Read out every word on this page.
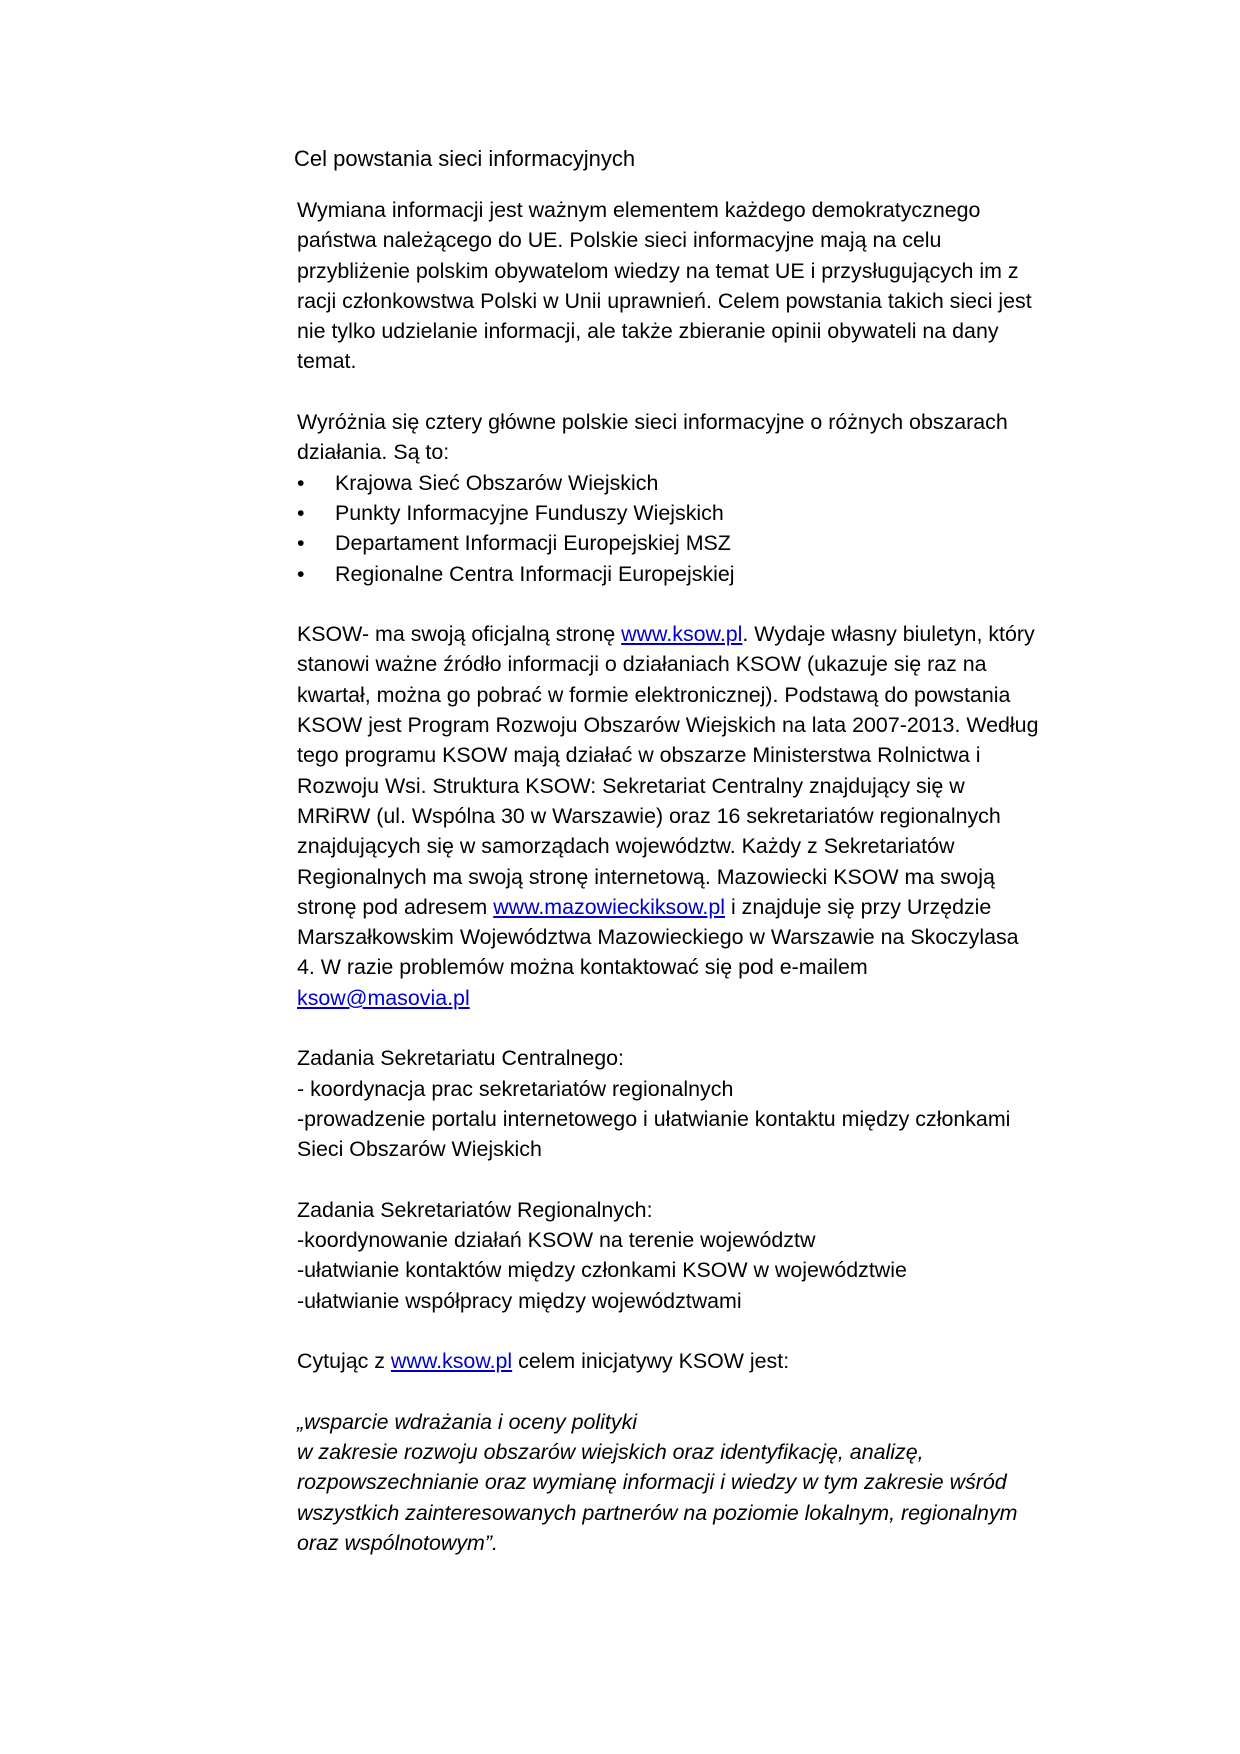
Cel powstania sieci informacyjnych

Wymiana informacji jest ważnym elementem każdego demokratycznego

państwa należącego do UE. Polskie sieci informacyjne mają na celu

przybliżenie polskim obywatelom wiedzy na temat UE i przysługujących im z

racji członkowstwa Polski w Unii uprawnień. Celem powstania takich sieci jest

nie tylko udzielanie informacji, ale także zbieranie opinii obywateli na dany

temat.

Wyróżnia się cztery główne polskie sieci informacyjne o różnych obszarach

działania. Są to:

• Krajowa Sieć Obszarów Wiejskich
• Punkty Informacyjne Funduszy Wiejskich
• Departament Informacji Europejskiej MSZ
• Regionalne Centra Informacji Europejskiej

KSOW- ma swoją oficjalną stronę www.ksow.pl. Wydaje własny biuletyn, który

stanowi ważne źródło informacji o działaniach KSOW (ukazuje się raz na

kwartał, można go pobrać w formie elektronicznej). Podstawą do powstania

KSOW jest Program Rozwoju Obszarów Wiejskich na lata 2007-2013. Według

tego programu KSOW mają działać w obszarze Ministerstwa Rolnictwa i

Rozwoju Wsi. Struktura KSOW: Sekretariat Centralny znajdujący się w

MRiRW (ul. Wspólna 30 w Warszawie) oraz 16 sekretariatów regionalnych

znajdujących się w samorządach województw. Każdy z Sekretariatów

Regionalnych ma swoją stronę internetową. Mazowiecki KSOW ma swoją

stronę pod adresem www.mazowieckiksow.pl i znajduje się przy Urzędzie

Marszałkowskim Województwa Mazowieckiego w Warszawie na Skoczylasa

4. W razie problemów można kontaktować się pod e-mailem

ksow@masovia.pl

Zadania Sekretariatu Centralnego:

- koordynacja prac sekretariatów regionalnych

-prowadzenie portalu internetowego i ułatwianie kontaktu między członkami

Sieci Obszarów Wiejskich

Zadania Sekretariatów Regionalnych:

-koordynowanie działań KSOW na terenie województw

-ułatwianie kontaktów między członkami KSOW w województwie

-ułatwianie współpracy między województwami

Cytując z www.ksow.pl celem inicjatywy KSOW jest:

„wsparcie wdrażania i oceny polityki

w zakresie rozwoju obszarów wiejskich oraz identyfikację, analizę,

rozpowszechnianie oraz wymianę informacji i wiedzy w tym zakresie wśród

wszystkich zainteresowanych partnerów na poziomie lokalnym, regionalnym

oraz wspólnotowym”.
